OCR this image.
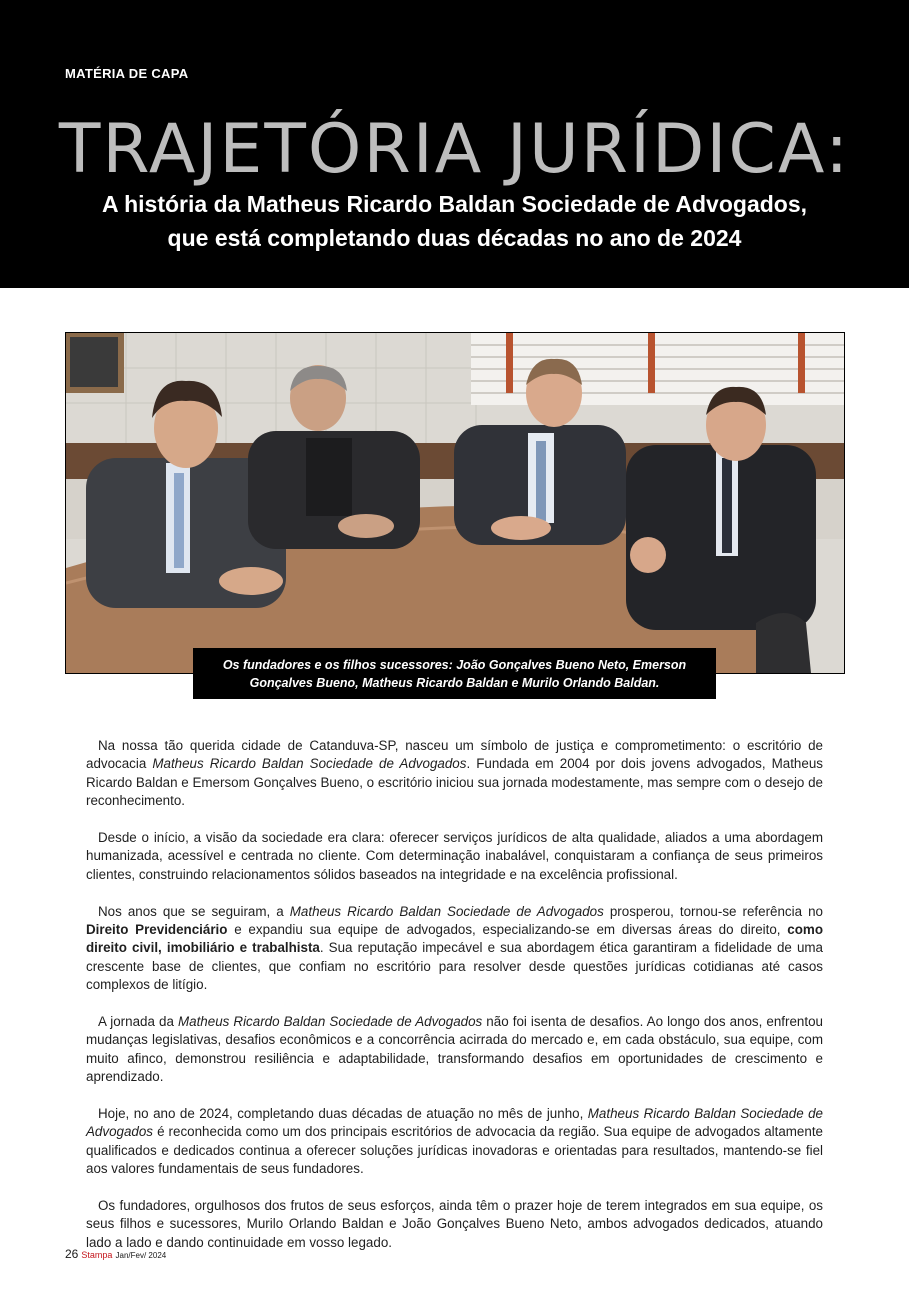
MATÉRIA DE CAPA
TRAJETÓRIA JURÍDICA:
A história da Matheus Ricardo Baldan Sociedade de Advogados,
que está completando duas décadas no ano de 2024
Os fundadores e os filhos sucessores: João Gonçalves Bueno Neto, Emerson
Gonçalves Bueno, Matheus Ricardo Baldan e Murilo Orlando Baldan.

Na nossa tão querida cidade de Catanduva-SP, nasceu um símbolo de justiça e comprometimento: o escritório de advocacia Matheus Ricardo Baldan Sociedade de Advogados. Fundada em 2004 por dois jovens advogados, Matheus Ricardo Baldan e Emersom Gonçalves Bueno, o escritório iniciou sua jornada modestamente, mas sempre com o desejo de reconhecimento.

Desde o início, a visão da sociedade era clara: oferecer serviços jurídicos de alta qualidade, aliados a uma abordagem humanizada, acessível e centrada no cliente. Com determinação inabalável, conquistaram a confiança de seus primeiros clientes, construindo relacionamentos sólidos baseados na integridade e na excelência profissional.

Nos anos que se seguiram, a Matheus Ricardo Baldan Sociedade de Advogados prosperou, tornou-se referência no Direito Previdenciário e expandiu sua equipe de advogados, especializando-se em diversas áreas do direito, como direito civil, imobiliário e trabalhista. Sua reputação impecável e sua abordagem ética garantiram a fidelidade de uma crescente base de clientes, que confiam no escritório para resolver desde questões jurídicas cotidianas até casos complexos de litígio.

A jornada da Matheus Ricardo Baldan Sociedade de Advogados não foi isenta de desafios. Ao longo dos anos, enfrentou mudanças legislativas, desafios econômicos e a concorrência acirrada do mercado e, em cada obstáculo, sua equipe, com muito afinco, demonstrou resiliência e adaptabilidade, transformando desafios em oportunidades de crescimento e aprendizado.

Hoje, no ano de 2024, completando duas décadas de atuação no mês de junho, Matheus Ricardo Baldan Sociedade de Advogados é reconhecida como um dos principais escritórios de advocacia da região. Sua equipe de advogados altamente qualificados e dedicados continua a oferecer soluções jurídicas inovadoras e orientadas para resultados, mantendo-se fiel aos valores fundamentais de seus fundadores.

Os fundadores, orgulhosos dos frutos de seus esforços, ainda têm o prazer hoje de terem integrados em sua equipe, os seus filhos e sucessores, Murilo Orlando Baldan e João Gonçalves Bueno Neto, ambos advogados dedicados, atuando lado a lado e dando continuidade em vosso legado.

26 Stampa Jan/Fev/ 2024
